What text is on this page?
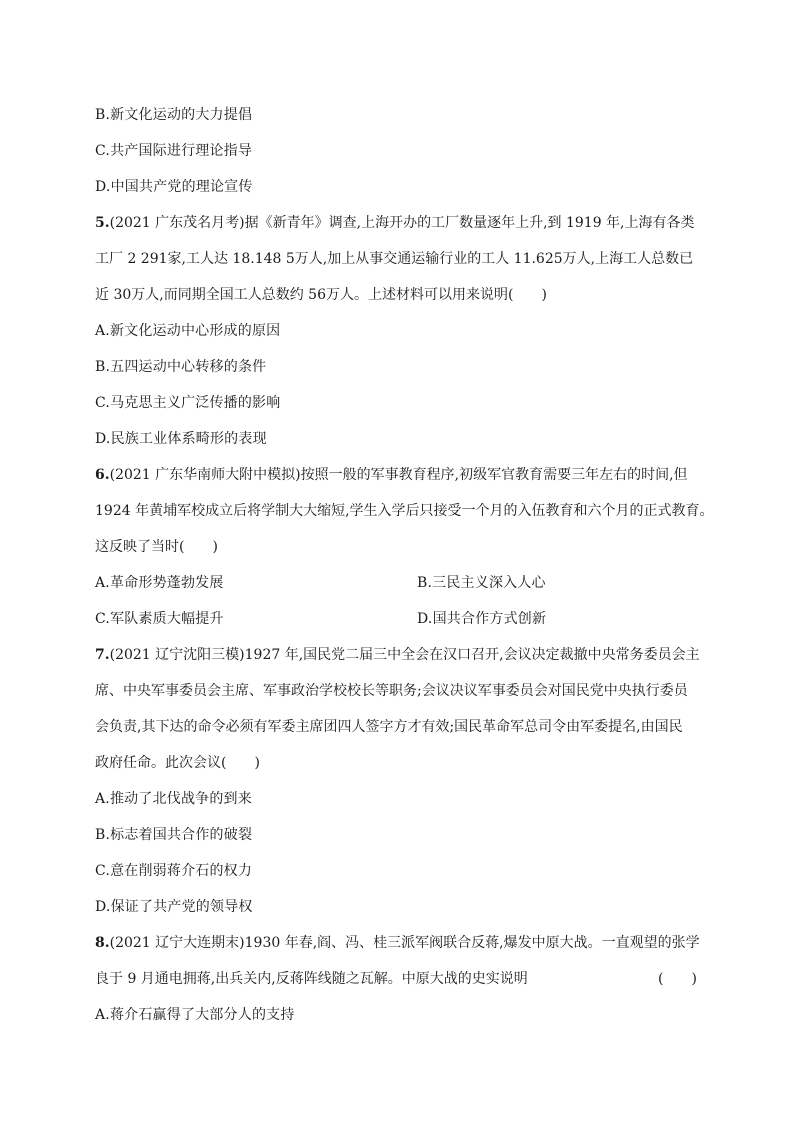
B.新文化运动的大力提倡
C.共产国际进行理论指导
D.中国共产党的理论宣传
5.(2021 广东茂名月考)据《新青年》调查,上海开办的工厂数量逐年上升,到 1919 年,上海有各类
工厂 2 291家,工人达 18.148 5万人,加上从事交通运输行业的工人 11.625万人,上海工人总数已
近 30万人,而同期全国工人总数约 56万人。上述材料可以用来说明(　　)
A.新文化运动中心形成的原因
B.五四运动中心转移的条件
C.马克思主义广泛传播的影响
D.民族工业体系畸形的表现
6.(2021 广东华南师大附中模拟)按照一般的军事教育程序,初级军官教育需要三年左右的时间,但
1924 年黄埔军校成立后将学制大大缩短,学生入学后只接受一个月的入伍教育和六个月的正式教育。
这反映了当时(　　)
A.革命形势蓬勃发展	B.三民主义深入人心
C.军队素质大幅提升	D.国共合作方式创新
7.(2021 辽宁沈阳三模)1927 年,国民党二届三中全会在汉口召开,会议决定裁撤中央常务委员会主
席、中央军事委员会主席、军事政治学校校长等职务;会议决议军事委员会对国民党中央执行委员
会负责,其下达的命令必须有军委主席团四人签字方才有效;国民革命军总司令由军委提名,由国民
政府任命。此次会议(　　)
A.推动了北伐战争的到来
B.标志着国共合作的破裂
C.意在削弱蒋介石的权力
D.保证了共产党的领导权
8.(2021 辽宁大连期末)1930 年春,阎、冯、桂三派军阀联合反蒋,爆发中原大战。一直观望的张学
良于 9 月通电拥蒋,出兵关内,反蒋阵线随之瓦解。中原大战的史实说明	(　　)
A.蒋介石赢得了大部分人的支持
